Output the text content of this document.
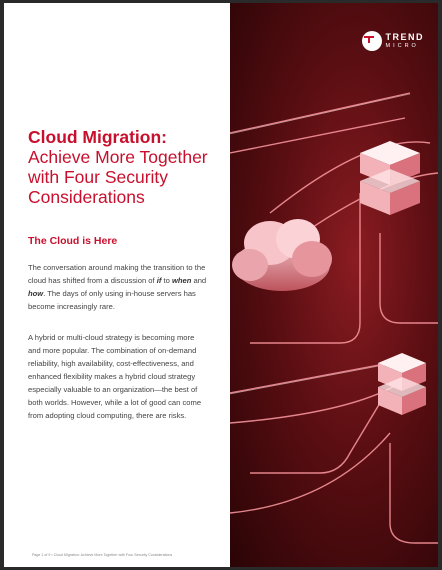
TREND
MICRO
Cloud Migration:
Achieve More Together with Four Security Considerations
The Cloud is Here

The conversation around making the transition to the cloud has shifted from a discussion of if to when and how. The days of only using in-house servers has become increasingly rare.

A hybrid or multi-cloud strategy is becoming more and more popular. The combination of on-demand reliability, high availability, cost-effectiveness, and enhanced flexibility makes a hybrid cloud strategy especially valuable to an organization—the best of both worlds. However, while a lot of good can come from adopting cloud computing, there are risks.

Page 1 of 9 • Cloud Migration: Achieve More Together with Four Security Considerations
